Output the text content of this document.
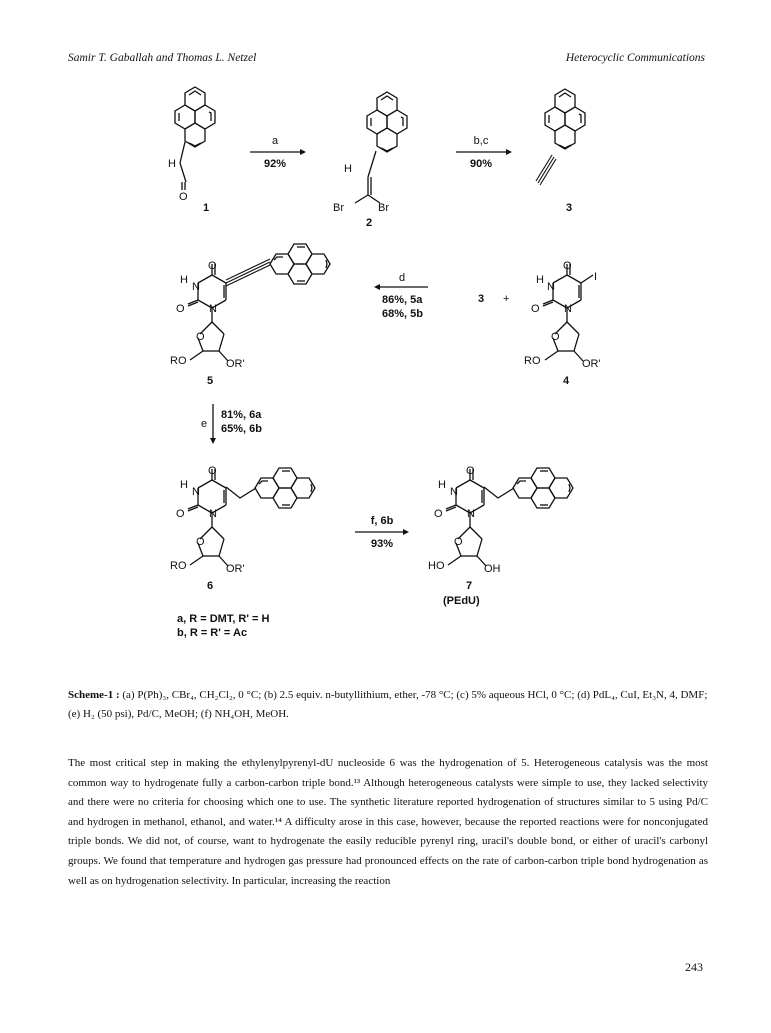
Samir T. Gaballah and Thomas L. Netzel	Heterocyclic Communications
H
O
1
a
92%	H
Br	Br
2
b,c
90%
3
O
H
N
O N
O
RO	OR'
5
d
86%, 5a
68%, 5b
3 +
O
H
N
I
O N
O
RO	OR'
4
e
81%, 6a
65%, 6b
O
H
N
O N
O
RO	OR'
6
f, 6b
93%
O
H
N
O N
O
HO	OH
7
(PEdU)
a, R = DMT, R' = H
b, R = R' = Ac
Scheme-1 : (a) P(Ph)₃, CBr₄, CH₂Cl₂, 0 °C; (b) 2.5 equiv. n-butyllithium, ether, -78 °C; (c) 5% aqueous HCl, 0 °C; (d) PdL₄, CuI, Et₃N, 4, DMF; (e) H₂ (50 psi), Pd/C, MeOH; (f) NH₄OH, MeOH.
The most critical step in making the ethylenylpyrenyl-dU nucleoside 6 was the hydrogenation of 5. Heterogeneous catalysis was the most common way to hydrogenate fully a carbon-carbon triple bond.¹³ Although heterogeneous catalysts were simple to use, they lacked selectivity and there were no criteria for choosing which one to use. The synthetic literature reported hydrogenation of structures similar to 5 using Pd/C and hydrogen in methanol, ethanol, and water.¹⁴ A difficulty arose in this case, however, because the reported reactions were for nonconjugated triple bonds. We did not, of course, want to hydrogenate the easily reducible pyrenyl ring, uracil's double bond, or either of uracil's carbonyl groups. We found that temperature and hydrogen gas pressure had pronounced effects on the rate of carbon-carbon triple bond hydrogenation as well as on hydrogenation selectivity. In particular, increasing the reaction
243
